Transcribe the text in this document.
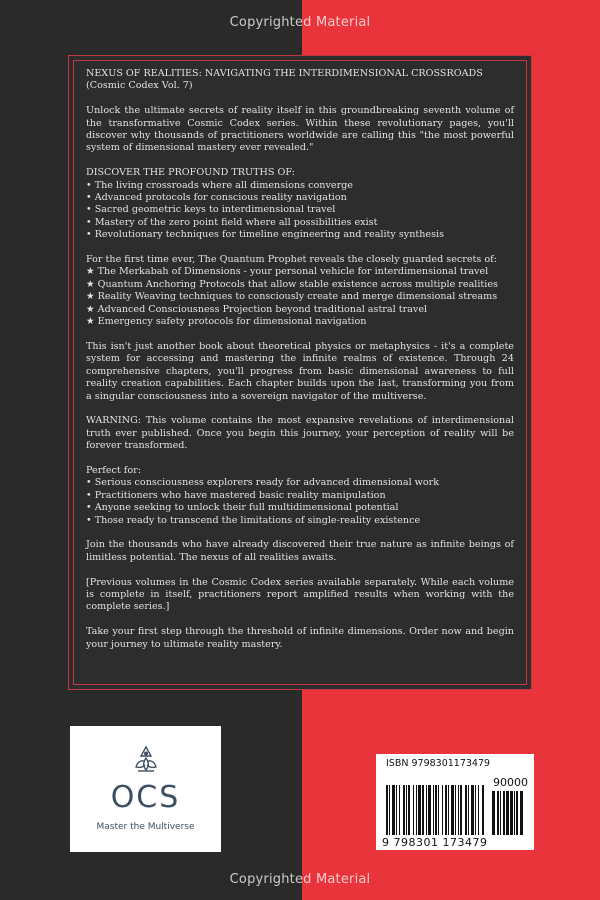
Copyrighted Material

NEXUS OF REALITIES: NAVIGATING THE INTERDIMENSIONAL CROSSROADS (Cosmic Codex Vol. 7)

Unlock the ultimate secrets of reality itself in this groundbreaking seventh volume of the transformative Cosmic Codex series. Within these revolutionary pages, you'll discover why thousands of practitioners worldwide are calling this "the most powerful system of dimensional mastery ever revealed."

DISCOVER THE PROFOUND TRUTHS OF:
• The living crossroads where all dimensions converge
• Advanced protocols for conscious reality navigation
• Sacred geometric keys to interdimensional travel
• Mastery of the zero point field where all possibilities exist
• Revolutionary techniques for timeline engineering and reality synthesis
For the first time ever, The Quantum Prophet reveals the closely guarded secrets of:
★ The Merkabah of Dimensions - your personal vehicle for interdimensional travel
★ Quantum Anchoring Protocols that allow stable existence across multiple realities
★ Reality Weaving techniques to consciously create and merge dimensional streams
★ Advanced Consciousness Projection beyond traditional astral travel
★ Emergency safety protocols for dimensional navigation

This isn't just another book about theoretical physics or metaphysics - it's a complete system for accessing and mastering the infinite realms of existence. Through 24 comprehensive chapters, you'll progress from basic dimensional awareness to full reality creation capabilities. Each chapter builds upon the last, transforming you from a singular consciousness into a sovereign navigator of the multiverse.

WARNING: This volume contains the most expansive revelations of interdimensional truth ever published. Once you begin this journey, your perception of reality will be forever transformed.

Perfect for:
• Serious consciousness explorers ready for advanced dimensional work
• Practitioners who have mastered basic reality manipulation
• Anyone seeking to unlock their full multidimensional potential
• Those ready to transcend the limitations of single-reality existence

Join the thousands who have already discovered their true nature as infinite beings of limitless potential. The nexus of all realities awaits.

[Previous volumes in the Cosmic Codex series available separately. While each volume is complete in itself, practitioners report amplified results when working with the complete series.]

Take your first step through the threshold of infinite dimensions. Order now and begin your journey to ultimate reality mastery.

OCS
Master the Multiverse
ISBN 9798301173479
90000
9 798301 173479
Copyrighted Material
